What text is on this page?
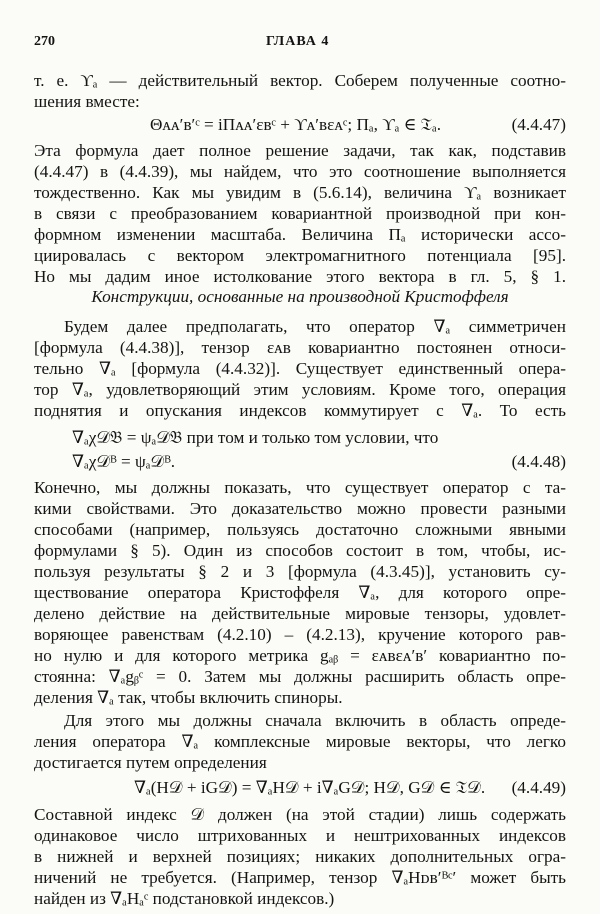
270	ГЛАВА 4
т. е. ϒₐ — действительный вектор. Соберем полученные соотно-
шения вместе:
Θᴀᴀ′ʙ′ᶜ = iΠᴀᴀ′εʙᶜ + ϒᴀ′ʙεᴀᶜ; Πₐ, ϒₐ ∈ 𝔗ₐ.	(4.4.47)
Эта формула дает полное решение задачи, так как, подставив
(4.4.47) в (4.4.39), мы найдем, что это соотношение выполняется
тождественно. Как мы увидим в (5.6.14), величина ϒₐ возникает
в связи с преобразованием ковариантной производной при кон-
формном изменении масштаба. Величина Πₐ исторически ассо-
циировалась с вектором электромагнитного потенциала [95].
Но мы дадим иное истолкование этого вектора в гл. 5, § 1.
Конструкции, основанные на производной Кристоффеля
Будем далее предполагать, что оператор ∇ₐ симметричен
[формула (4.4.38)], тензор εᴀʙ ковариантно постоянен относи-
тельно ∇ₐ [формула (4.4.32)]. Существует единственный опера-
тор ∇ₐ, удовлетворяющий этим условиям. Кроме того, операция
поднятия и опускания индексов коммутирует с ∇ₐ. То есть
∇ₐχ𝒟𝔅 = ψₐ𝒟𝔅 при том и только том условии, что
∇ₐχ𝒟ᴮ = ψₐ𝒟ᴮ.	(4.4.48)
Конечно, мы должны показать, что существует оператор с та-
кими свойствами. Это доказательство можно провести разными
способами (например, пользуясь достаточно сложными явными
формулами § 5). Один из способов состоит в том, чтобы, ис-
пользуя результаты § 2 и 3 [формула (4.3.45)], установить су-
ществование оператора Кристоффеля ∇ₐ, для которого опре-
делено действие на действительные мировые тензоры, удовлет-
воряющее равенствам (4.2.10) – (4.2.13), кручение которого рав-
но нулю и для которого метрика gₐᵦ = εᴀʙεᴀ′ʙ′ ковариантно по-
стоянна: ∇ₐgᵦᶜ = 0. Затем мы должны расширить область опре-
деления ∇ₐ так, чтобы включить спиноры.
Для этого мы должны сначала включить в область опреде-
ления оператора ∇ₐ комплексные мировые векторы, что легко
достигается путем определения
∇ₐ(H𝒟 + iG𝒟) = ∇ₐH𝒟 + i∇ₐG𝒟; H𝒟, G𝒟 ∈ 𝔗𝒟. (4.4.49)
Составной индекс 𝒟 должен (на этой стадии) лишь содержать
одинаковое число штрихованных и нештрихованных индексов
в нижней и верхней позициях; никаких дополнительных огра-
ничений не требуется. (Например, тензор ∇ₐHᴅʙ′ᴮᶜ′ может быть
найден из ∇ₐHₐᶜ подстановкой индексов.)
